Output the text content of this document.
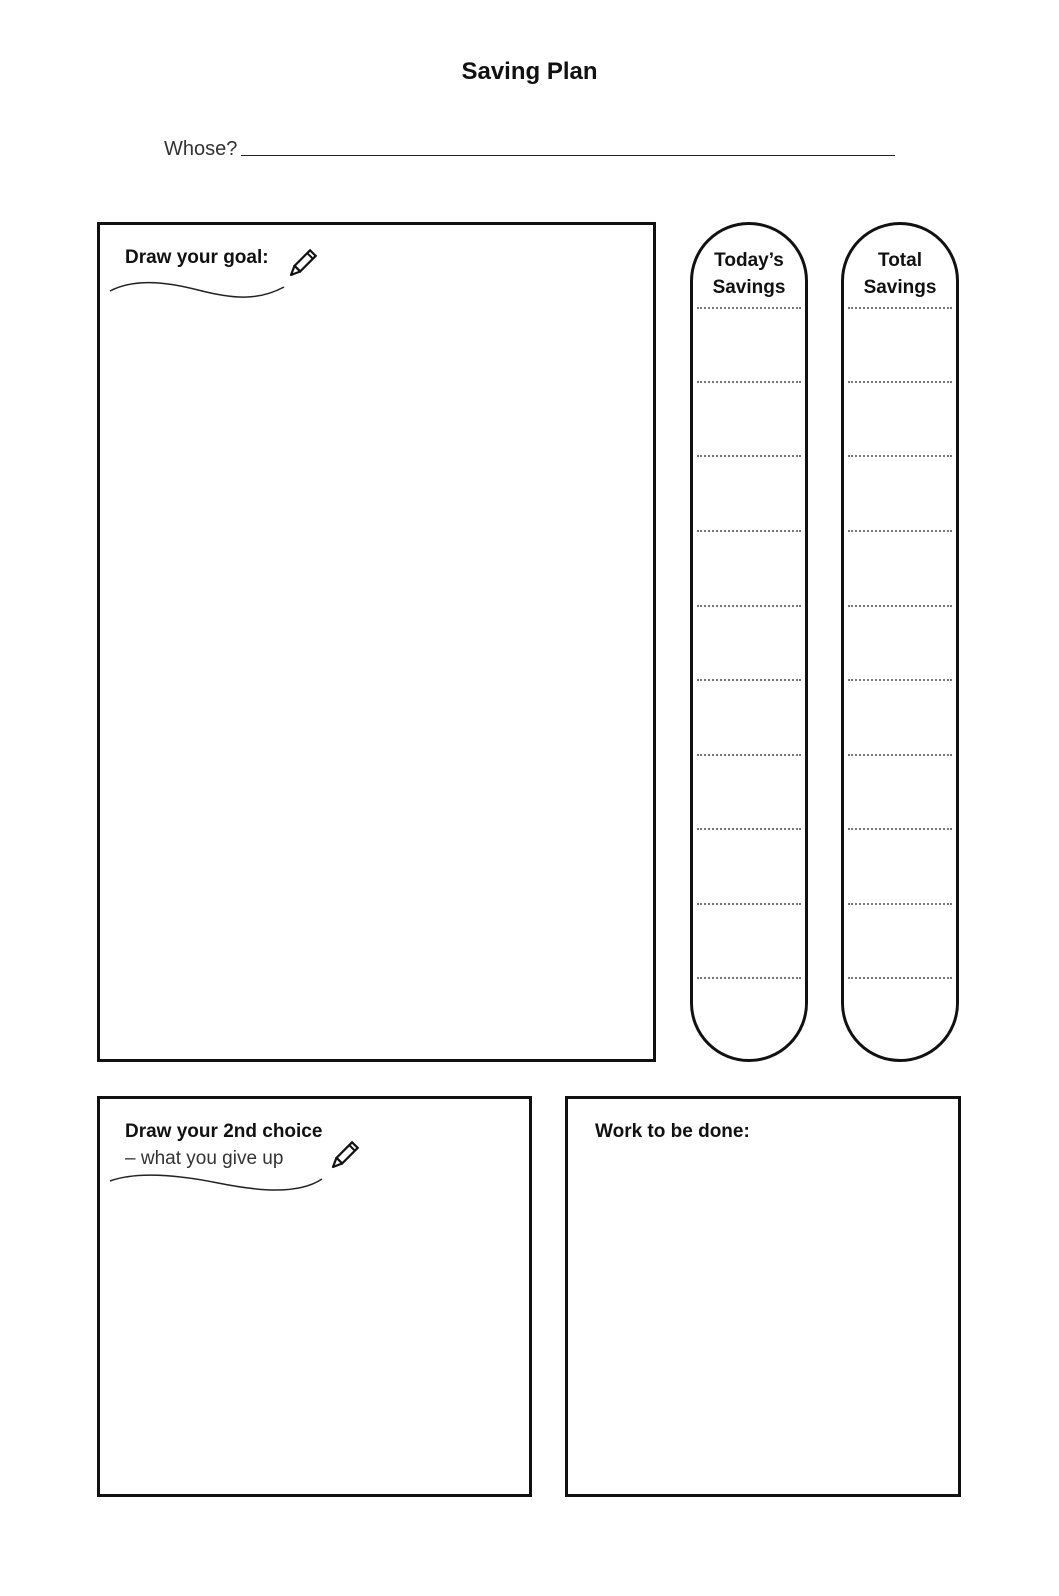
Saving Plan
Whose?
Draw your goal:	Today’s
Savings
Total
Savings
Draw your 2nd choice
– what you give up
Work to be done:
